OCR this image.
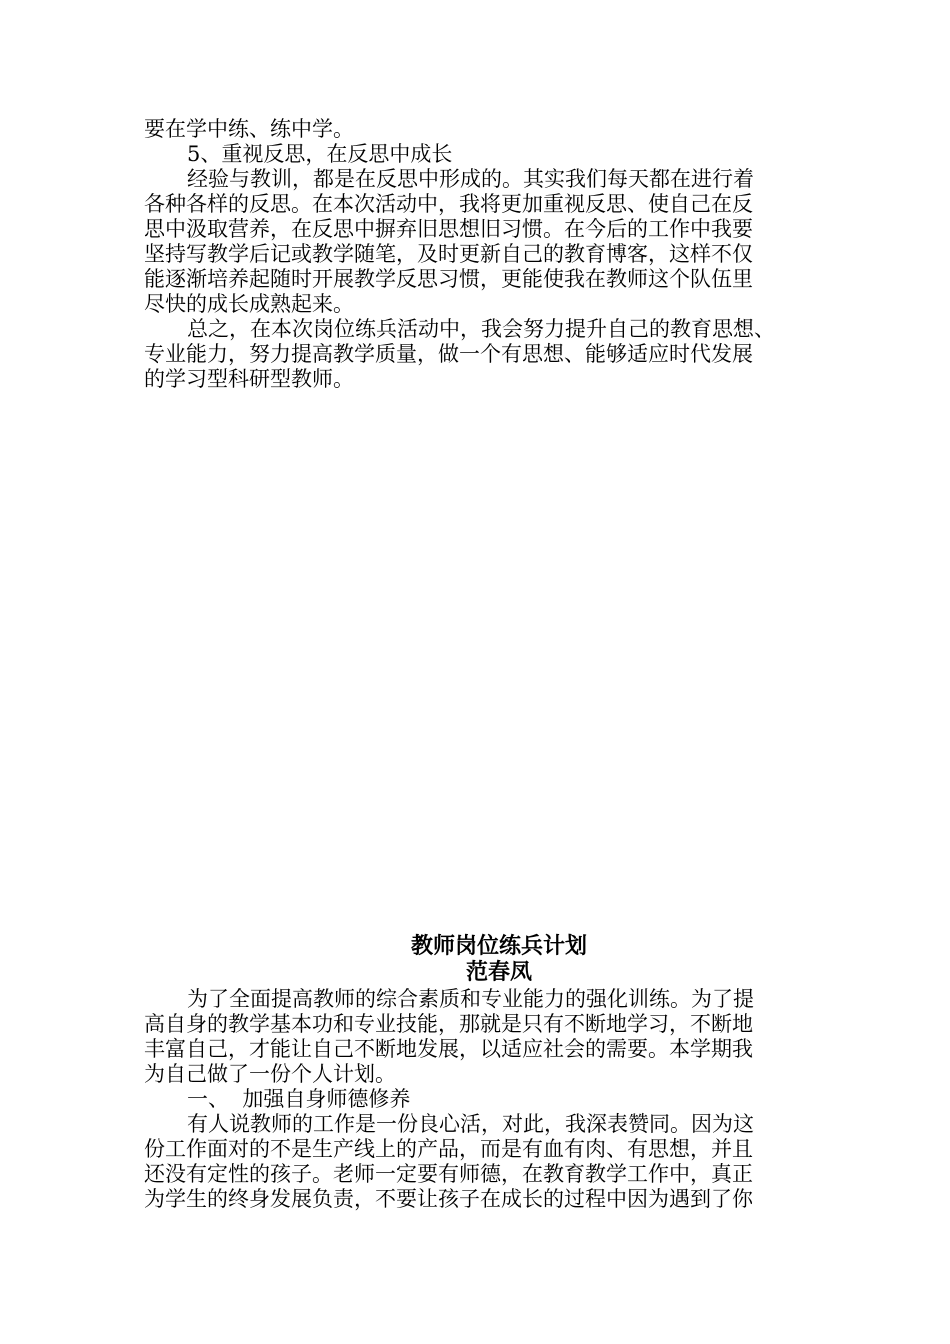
要在学中练、练中学。
5、重视反思，在反思中成长
经验与教训，都是在反思中形成的。其实我们每天都在进行着
各种各样的反思。在本次活动中，我将更加重视反思、使自己在反
思中汲取营养，在反思中摒弃旧思想旧习惯。在今后的工作中我要
坚持写教学后记或教学随笔，及时更新自己的教育博客，这样不仅
能逐渐培养起随时开展教学反思习惯，更能使我在教师这个队伍里
尽快的成长成熟起来。
总之，在本次岗位练兵活动中，我会努力提升自己的教育思想、
专业能力，努力提高教学质量，做一个有思想、能够适应时代发展
的学习型科研型教师。
教师岗位练兵计划
范春凤
为了全面提高教师的综合素质和专业能力的强化训练。为了提
高自身的教学基本功和专业技能，那就是只有不断地学习，不断地
丰富自己，才能让自己不断地发展，以适应社会的需要。本学期我
为自己做了一份个人计划。
一、  加强自身师德修养
有人说教师的工作是一份良心活，对此，我深表赞同。因为这
份工作面对的不是生产线上的产品，而是有血有肉、有思想，并且
还没有定性的孩子。老师一定要有师德，在教育教学工作中，真正
为学生的终身发展负责，不要让孩子在成长的过程中因为遇到了你
